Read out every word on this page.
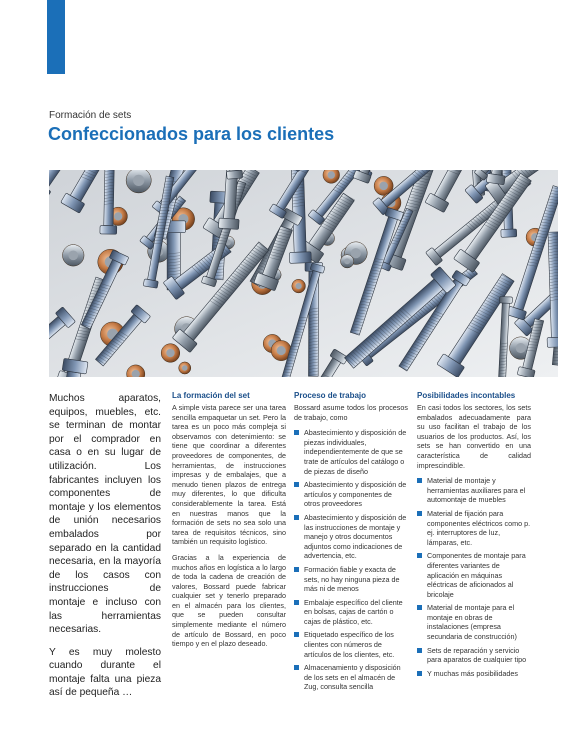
Productos
Formación de sets
Confeccionados para los clientes

Muchos aparatos, equipos, muebles, etc. se terminan de montar por el comprador en casa o en su lugar de utilización. Los fabricantes incluyen los componentes de montaje y los elementos de unión necesarios embalados por separado en la cantidad necesaria, en la mayoría de los casos con instrucciones de montaje e incluso con las herramientas necesarias.

Y es muy molesto cuando durante el montaje falta una pieza así de pequeña …

La formación del set

A simple vista parece ser una tarea sencilla empaquetar un set. Pero la tarea es un poco más compleja si observamos con detenimiento: se tiene que coordinar a diferentes proveedores de componentes, de herramientas, de instrucciones impresas y de embalajes, que a menudo tienen plazos de entrega muy diferentes, lo que dificulta considerablemente la tarea. Está en nuestras manos que la formación de sets no sea solo una tarea de requisitos técnicos, sino también un requisito logístico.

Gracias a la experiencia de muchos años en logística a lo largo de toda la cadena de creación de valores, Bossard puede fabricar cualquier set y tenerlo preparado en el almacén para los clientes, que se pueden consultar simplemente mediante el número de artículo de Bossard, en poco tiempo y en el plazo deseado.

Proceso de trabajo

Bossard asume todos los procesos de trabajo, como

Abastecimiento y disposición de piezas individuales, independientemente de que se trate de artículos del catálogo o de piezas de diseño
Abastecimiento y disposición de artículos y componentes de otros proveedores
Abastecimiento y disposición de las instrucciones de montaje y manejo y otros documentos adjuntos como indicaciones de advertencia, etc.
Formación fiable y exacta de sets, no hay ninguna pieza de más ni de menos
Embalaje específico del cliente en bolsas, cajas de cartón o cajas de plástico, etc.
Etiquetado específico de los clientes con números de artículos de los clientes, etc.
Almacenamiento y disposición de los sets en el almacén de Zug, consulta sencilla
Posibilidades incontables

En casi todos los sectores, los sets embalados adecuadamente para su uso facilitan el trabajo de los usuarios de los productos. Así, los sets se han convertido en una característica de calidad imprescindible.

Material de montaje y herramientas auxiliares para el automontaje de muebles
Material de fijación para componentes eléctricos como p. ej. interruptores de luz, lámparas, etc.
Componentes de montaje para diferentes variantes de aplicación en máquinas eléctricas de aficionados al bricolaje
Material de montaje para el montaje en obras de instalaciones (empresa secundaria de construcción)
Sets de reparación y servicio para aparatos de cualquier tipo
Y muchas más posibilidades
